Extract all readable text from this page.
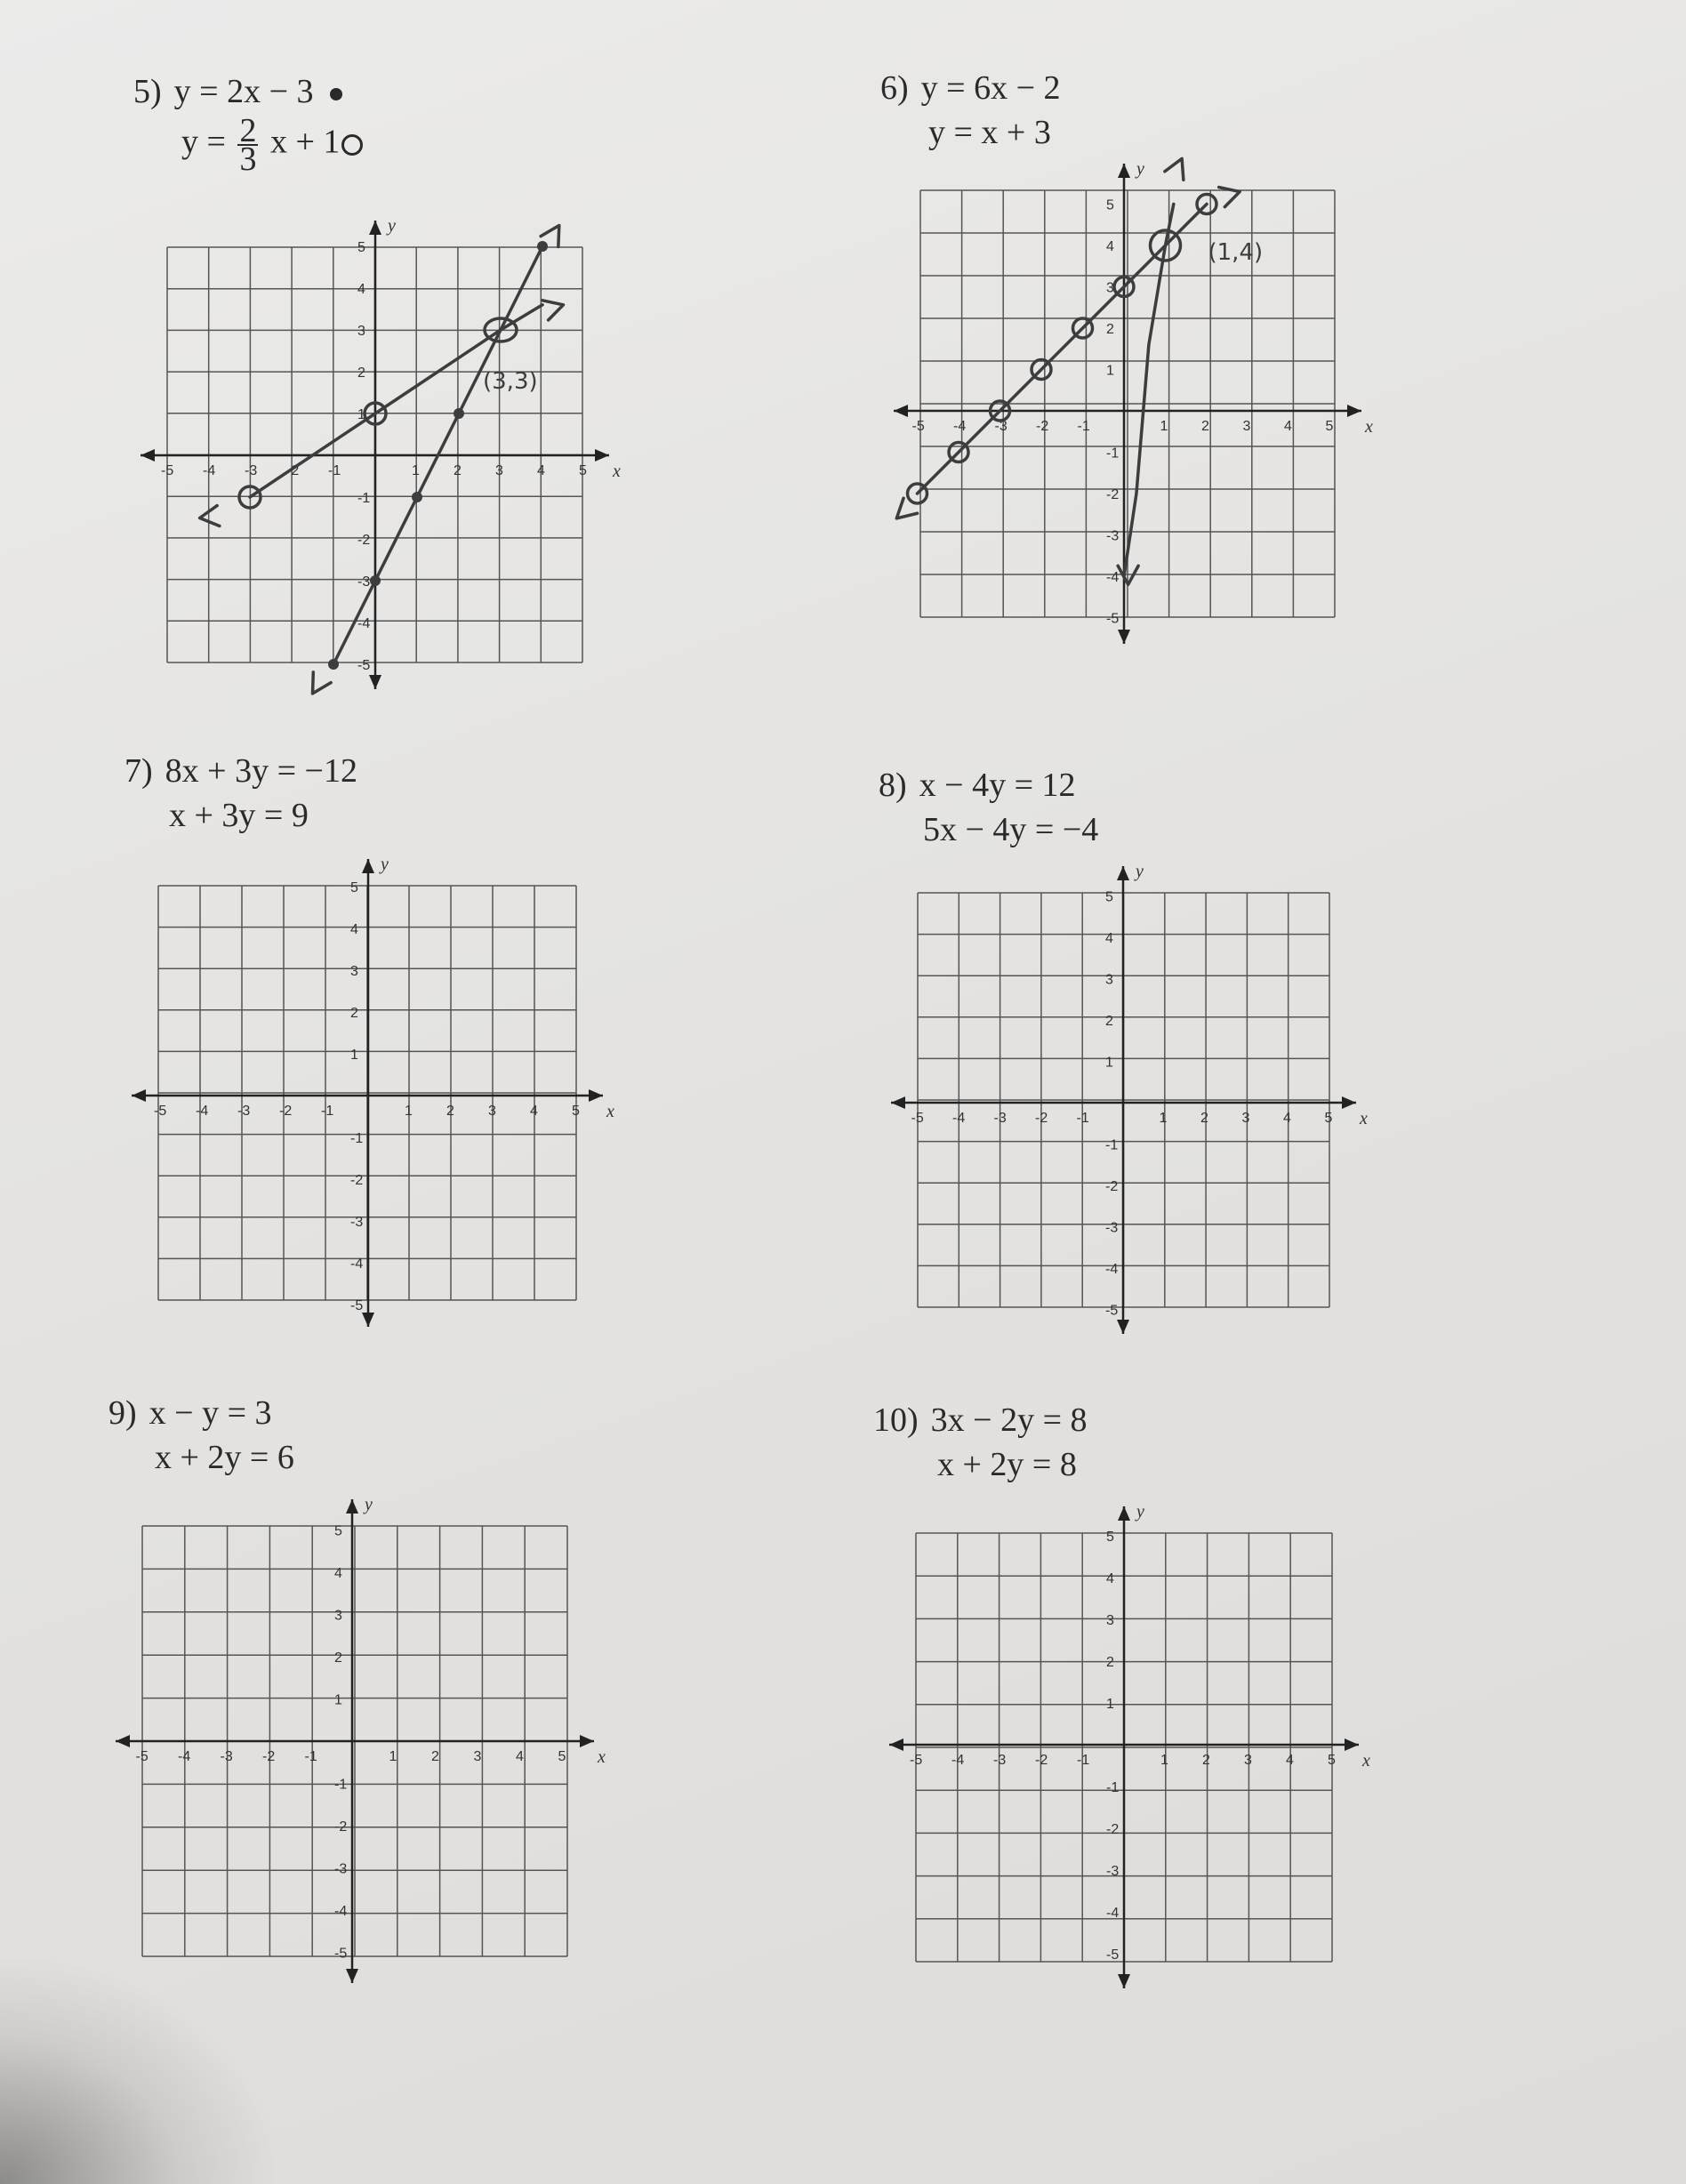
5) y = 2x − 3
$y = \frac{2}{3}$ x + 1
6) y = 6x − 2
y = x + 3
7) 8x + 3y = −12
x + 3y = 9
8) x − 4y = 12
5x − 4y = −4
9) x − y = 3
x + 2y = 6
10) 3x − 2y = 8
x + 2y = 8
-5 -4 -3 -2 -1	1 2 3 4 5
5
4
3
2
1
-1
-2
-3
-4
-5
x
y
(3,3)
-5 -4 -3 -2 -1	1 2 3 4 5
5
4
3
2
1
-1
-2
-3
-4
-5
x
y
(1,4)
-5 -4 -3 -2 -1	1 2 3 4 5
5
4
3
2
1
-1
-2
-3
-4
-5
x
y
-5 -4 -3 -2 -1	1 2 3 4 5
5
4
3
2
1
-1
-2
-3
-4
-5
x
y
-5 -4 -3 -2 -1	1 2 3 4 5
5
4
3
2
1
-1
-2
-3
-4
-5
x
y
-5 -4 -3 -2 -1	1 2 3 4 5
5
4
3
2
1
-1
-2
-3
-4
-5
x
y
